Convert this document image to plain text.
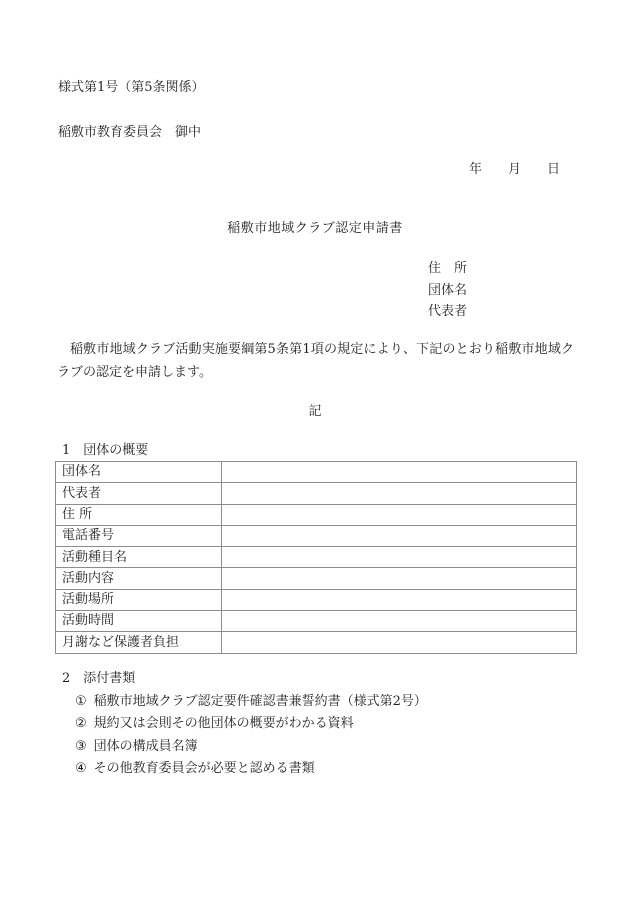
様式第1号（第5条関係）
稲敷市教育委員会　御中
年　　月　　日
稲敷市地域クラブ認定申請書
住　所
団体名
代表者
稲敷市地域クラブ活動実施要綱第5条第1項の規定により、下記のとおり稲敷市地域クラブの認定を申請します。
記
1 団体の概要
団体名	
代表者	
住 所	
電話番号	
活動種目名	
活動内容	
活動場所	
活動時間	
月謝など保護者負担	
2 添付書類
① 稲敷市地域クラブ認定要件確認書兼誓約書（様式第2号）
② 規約又は会則その他団体の概要がわかる資料
③ 団体の構成員名簿
④ その他教育委員会が必要と認める書類
